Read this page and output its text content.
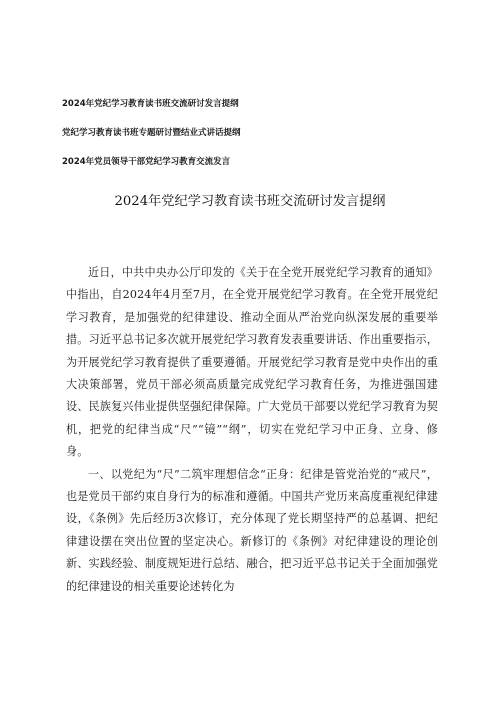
2024年党纪学习教育读书班交流研讨发言提纲
党纪学习教育读书班专题研讨暨结业式讲话提纲
2024年党员领导干部党纪学习教育交流发言
2024年党纪学习教育读书班交流研讨发言提纲

近日，中共中央办公厅印发的《关于在全党开展党纪学习教育的通知》中指出，自2024年4月至7月，在全党开展党纪学习教育。在全党开展党纪学习教育，是加强党的纪律建设、推动全面从严治党向纵深发展的重要举措。习近平总书记多次就开展党纪学习教育发表重要讲话、作出重要指示，为开展党纪学习教育提供了重要遵循。开展党纪学习教育是党中央作出的重大决策部署，党员干部必须高质量完成党纪学习教育任务，为推进强国建设、民族复兴伟业提供坚强纪律保障。广大党员干部要以党纪学习教育为契机，把党的纪律当成“尺”“镜”“纲”，切实在党纪学习中正身、立身、修身。

一、以党纪为“尺”二筑牢理想信念“正身：纪律是管党治党的“戒尺”，也是党员干部约束自身行为的标准和遵循。中国共产党历来高度重视纪律建设，《条例》先后经历3次修订，充分体现了党长期坚持严的总基调、把纪律建设摆在突出位置的坚定决心。新修订的《条例》对纪律建设的理论创新、实践经验、制度规矩进行总结、融合，把习近平总书记关于全面加强党的纪律建设的相关重要论述转化为
